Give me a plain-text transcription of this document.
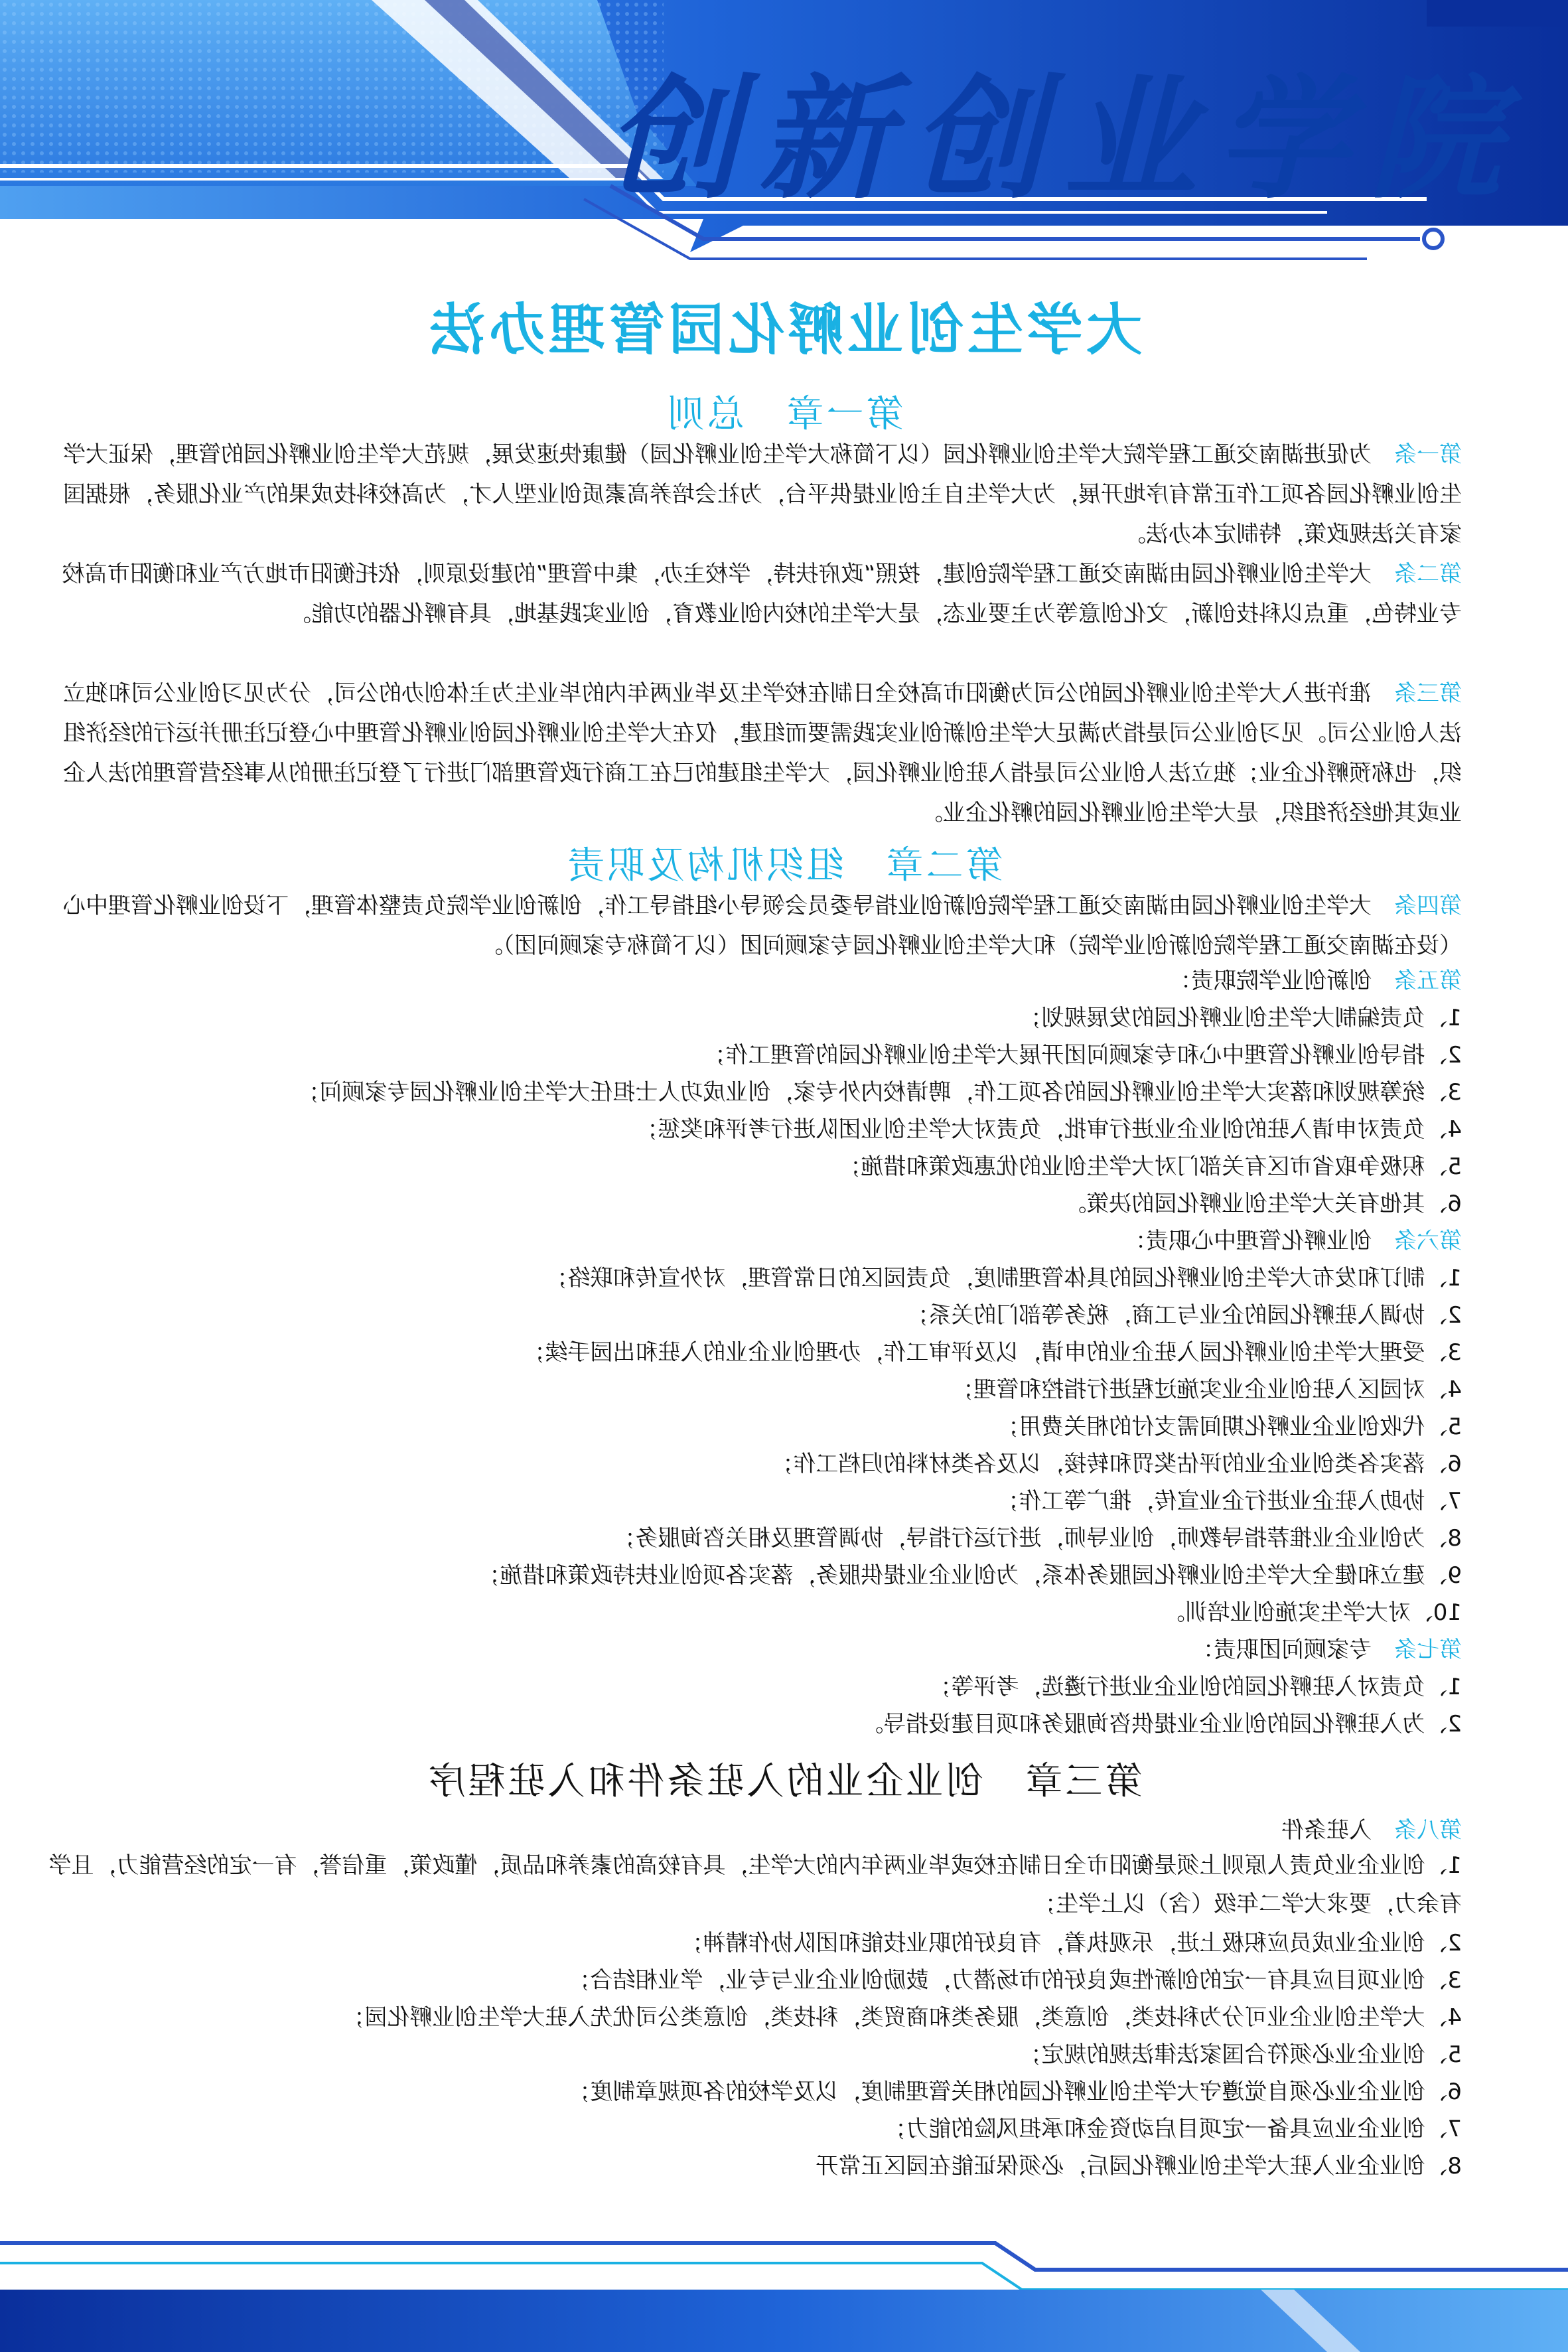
创新创业学院
大学生创业孵化园管理办法
第一章　总则
第一条　为促进湖南交通工程学院大学生创业孵化园（以下简称大学生创业孵化园）健康快速发展，规范大学生创业孵化园的管理，保证大学生创业孵化园各项工作正常有序地开展，为大学生自主创业提供平台，为社会培养高素质创业型人才，为高校科技成果的产业化服务，根据国家有关法规政策，特制定本办法。
第二条　大学生创业孵化园由湖南交通工程学院创建，按照“政府扶持，学校主办，集中管理”的建设原则，依托衡阳市地方产业和衡阳市高校专业特色，重点以科技创新，文化创意等为主要业态，是大学生的校内创业教育，创业实践基地，具有孵化器的功能。
第三条　准许进入大学生创业孵化园的公司为衡阳市高校全日制在校学生及毕业两年内的毕业生为主体创办的公司，分为见习创业公司和独立法人创业公司。见习创业公司是指为满足大学生创新创业实践需要而组建，仅在大学生创业孵化园创业孵化管理中心登记注册并运行的经济组织，也称预孵化企业；独立法人创业公司是指入驻创业孵化园，大学生组建的已在工商行政管理部门进行了登记注册的从事经营管理的法人企业或其他经济组织，是大学生创业孵化园的孵化企业。
第二章　组织机构及职责
第四条　大学生创业孵化园由湖南交通工程学院创新创业指导委员会领导小组指导工作，创新创业学院负责整体管理，下设创业孵化管理中心（设在湖南交通工程学院创新创业学院）和大学生创业孵化园专家顾问团（以下简称专家顾问团）。
第五条　创新创业学院职责：
1、负责编制大学生创业孵化园的发展规划；
2、指导创业孵化管理中心和专家顾问团开展大学生创业孵化园的管理工作；
3、统筹规划和落实大学生创业孵化园的各项工作，聘请校内外专家，创业成功人士担任大学生创业孵化园专家顾问；
4、负责对申请入驻的创业企业进行审批，负责对大学生创业团队进行考评和奖惩；
5、积极争取省市区有关部门对大学生创业的优惠政策和措施；
6、其他有关大学生创业孵化园的决策。
第六条　创业孵化管理中心职责：
1、制订和发布大学生创业孵化园的具体管理制度，负责园区的日常管理，对外宣传和联络；
2、协调入驻孵化园的企业与工商，税务等部门的关系；
3、受理大学生创业孵化园入驻企业的申请，以及评审工作，办理创业企业的入驻和出园手续；
4、对园区入驻创业企业实施过程进行指控和管理；
5、代收创业企业孵化期间需支付的相关费用；
6、落实各类创业企业的评估奖罚和转接，以及各类材料的归档工作；
7、协助入驻企业进行企业宣传，推广等工作；
8、为创业企业推荐指导教师，创业导师，进行运行指导，协调管理及相关咨询服务；
9、建立和健全大学生创业孵化园服务体系，为创业企业提供服务，落实各项创业扶持政策和措施；
10、对大学生实施创业培训。
第七条　专家顾问团职责：
1、负责对入驻孵化园的创业企业进行遴选，考评等；
2、为入驻孵化园的创业企业提供咨询服务和项目建设指导。
第三章　创业企业的入驻条件和入驻程序
第八条　入驻条件
1、创业企业负责人原则上须是衡阳市全日制在校或毕业两年内的大学生，具有较高的素养和品质，懂政策，重信誉，有一定的经营能力，且学有余力，要求大学二年级（含）以上学生；
2、创业企业成员应积极上进，乐观执着，有良好的职业技能和团队协作精神；
3、创业项目应具有一定的创新性或良好的市场潜力，鼓励创业企业与专业，学业相结合；
4、大学生创业企业可分为科技类，创意类，服务类和商贸类，科技类，创意类公司优先入驻大学生创业孵化园；
5、创业企业必须符合国家法律法规的规定；
6、创业企业必须自觉遵守大学生创业孵化园的相关管理制度，以及学校的各项规章制度；
7、创业企业应具备一定项目启动资金和承担风险的能力；
8、创业企业入驻大学生创业孵化园后，必须保证能在园区正常开
